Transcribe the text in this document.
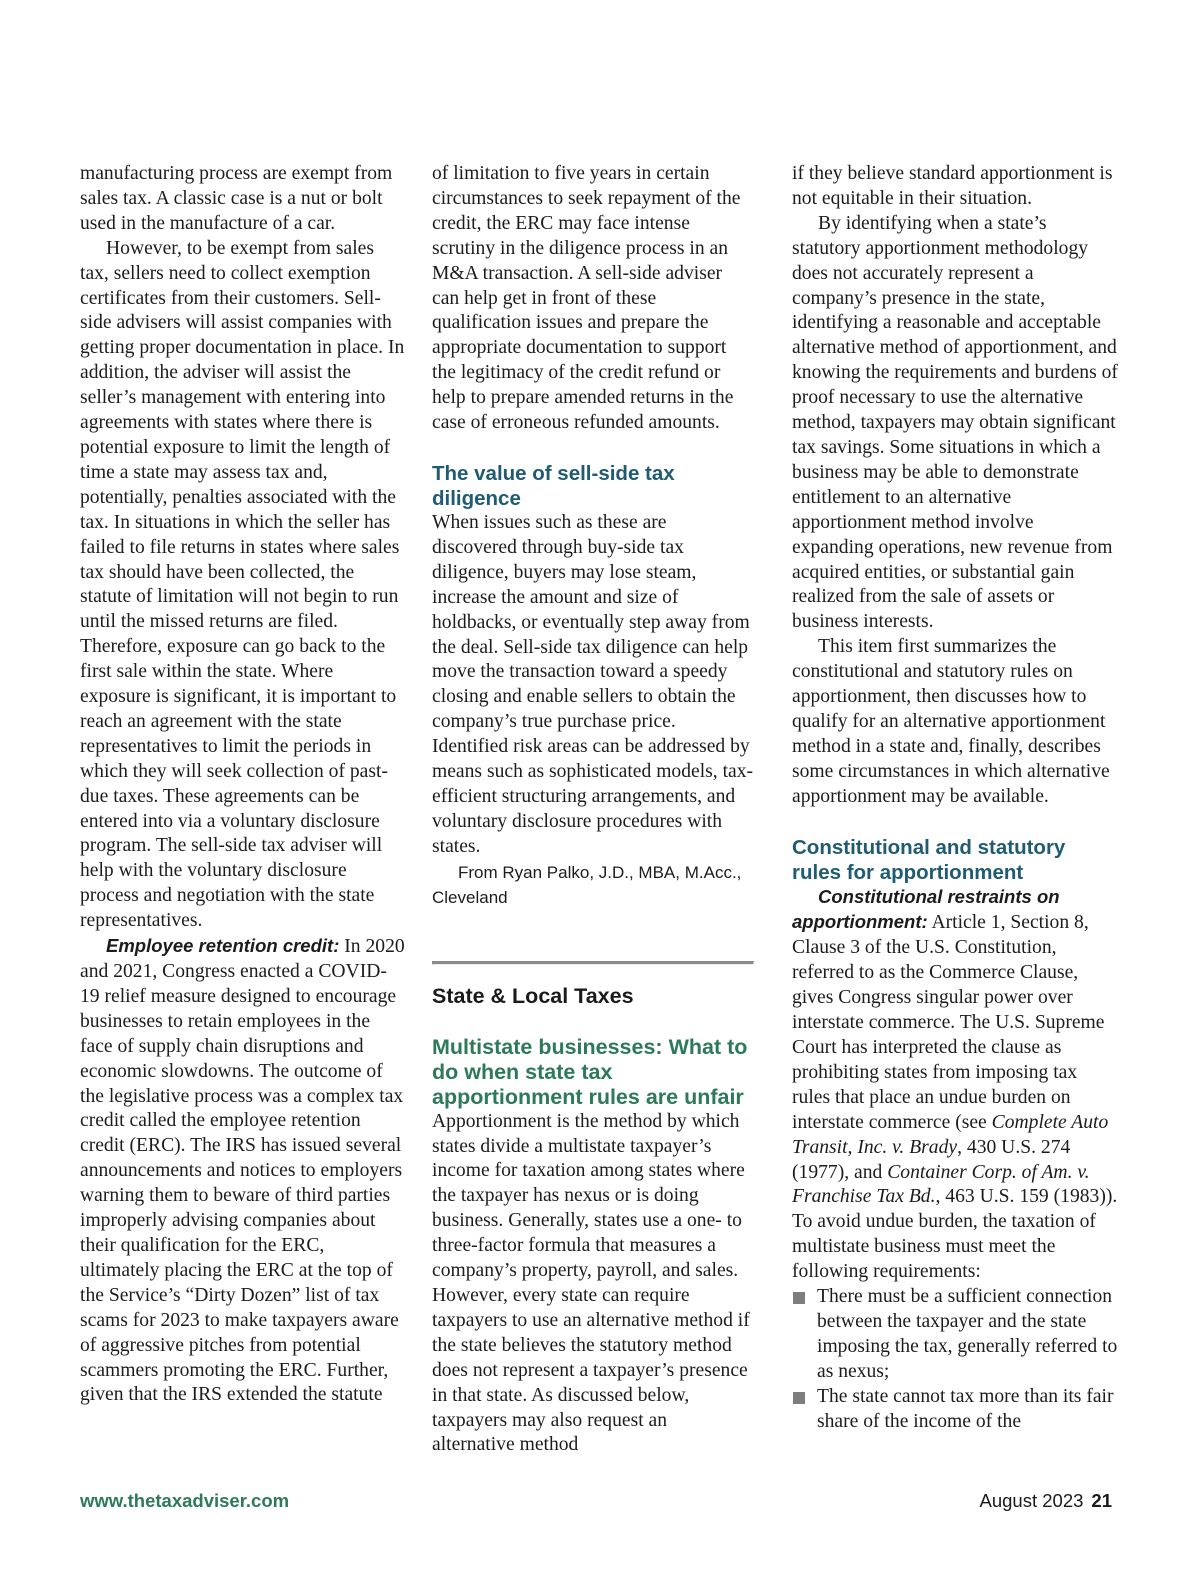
manufacturing process are exempt from sales tax. A classic case is a nut or bolt used in the manufacture of a car.

However, to be exempt from sales tax, sellers need to collect exemption certificates from their customers. Sell-side advisers will assist companies with getting proper documentation in place. In addition, the adviser will assist the seller’s management with entering into agreements with states where there is potential exposure to limit the length of time a state may assess tax and, potentially, penalties associated with the tax. In situations in which the seller has failed to file returns in states where sales tax should have been collected, the statute of limitation will not begin to run until the missed returns are filed. Therefore, exposure can go back to the first sale within the state. Where exposure is significant, it is important to reach an agreement with the state representatives to limit the periods in which they will seek collection of past-due taxes. These agreements can be entered into via a voluntary disclosure program. The sell-side tax adviser will help with the voluntary disclosure process and negotiation with the state representatives.

Employee retention credit: In 2020 and 2021, Congress enacted a COVID-19 relief measure designed to encourage businesses to retain employees in the face of supply chain disruptions and economic slowdowns. The outcome of the legislative process was a complex tax credit called the employee retention credit (ERC). The IRS has issued several announcements and notices to employers warning them to beware of third parties improperly advising companies about their qualification for the ERC, ultimately placing the ERC at the top of the Service’s “Dirty Dozen” list of tax scams for 2023 to make taxpayers aware of aggressive pitches from potential scammers promoting the ERC. Further, given that the IRS extended the statute

of limitation to five years in certain circumstances to seek repayment of the credit, the ERC may face intense scrutiny in the diligence process in an M&A transaction. A sell-side adviser can help get in front of these qualification issues and prepare the appropriate documentation to support the legitimacy of the credit refund or help to prepare amended returns in the case of erroneous refunded amounts.

The value of sell-side tax diligence

When issues such as these are discovered through buy-side tax diligence, buyers may lose steam, increase the amount and size of holdbacks, or eventually step away from the deal. Sell-side tax diligence can help move the transaction toward a speedy closing and enable sellers to obtain the company’s true purchase price. Identified risk areas can be addressed by means such as sophisticated models, tax-efficient structuring arrangements, and voluntary disclosure procedures with states.

From Ryan Palko, J.D., MBA, M.Acc., Cleveland

State & Local Taxes

Multistate businesses: What to do when state tax apportionment rules are unfair

Apportionment is the method by which states divide a multistate taxpayer’s income for taxation among states where the taxpayer has nexus or is doing business. Generally, states use a one- to three-factor formula that measures a company’s property, payroll, and sales. However, every state can require taxpayers to use an alternative method if the state believes the statutory method does not represent a taxpayer’s presence in that state. As discussed below, taxpayers may also request an alternative method

if they believe standard apportionment is not equitable in their situation.

By identifying when a state’s statutory apportionment methodology does not accurately represent a company’s presence in the state, identifying a reasonable and acceptable alternative method of apportionment, and knowing the requirements and burdens of proof necessary to use the alternative method, taxpayers may obtain significant tax savings. Some situations in which a business may be able to demonstrate entitlement to an alternative apportionment method involve expanding operations, new revenue from acquired entities, or substantial gain realized from the sale of assets or business interests.

This item first summarizes the constitutional and statutory rules on apportionment, then discusses how to qualify for an alternative apportionment method in a state and, finally, describes some circumstances in which alternative apportionment may be available.

Constitutional and statutory rules for apportionment

Constitutional restraints on apportionment: Article 1, Section 8, Clause 3 of the U.S. Constitution, referred to as the Commerce Clause, gives Congress singular power over interstate commerce. The U.S. Supreme Court has interpreted the clause as prohibiting states from imposing tax rules that place an undue burden on interstate commerce (see Complete Auto Transit, Inc. v. Brady, 430 U.S. 274 (1977), and Container Corp. of Am. v. Franchise Tax Bd., 463 U.S. 159 (1983)). To avoid undue burden, the taxation of multistate business must meet the following requirements:

There must be a sufficient connection between the taxpayer and the state imposing the tax, generally referred to as nexus;
The state cannot tax more than its fair share of the income of the
www.thetaxadviser.com	August 2023 21
